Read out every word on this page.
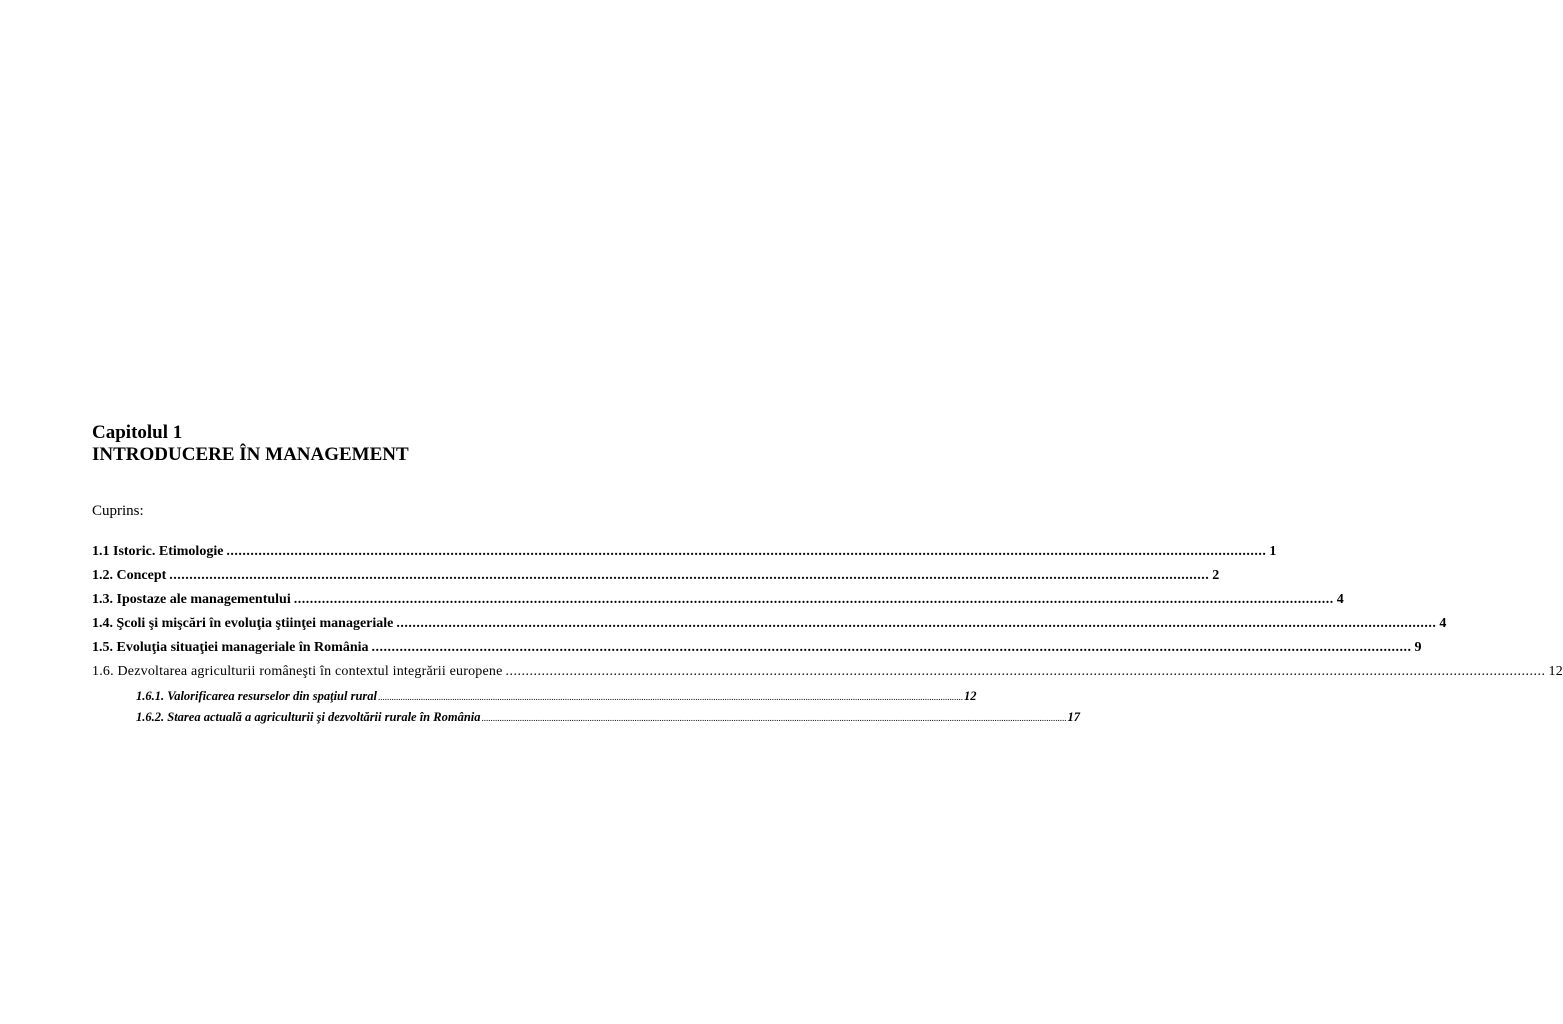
Capitolul 1
INTRODUCERE ÎN MANAGEMENT
Cuprins:
1.1 Istoric. Etimologie .................................................................................................................................................................................................................................................................... 1
1.2. Concept .................................................................................................................................................................................................................................................................... 2
1.3. Ipostaze ale managementului .................................................................................................................................................................................................................................................................... 4
1.4. Şcoli şi mişcări în evoluţia ştiinţei manageriale .................................................................................................................................................................................................................................................................... 4
1.5. Evoluţia situaţiei manageriale în România .................................................................................................................................................................................................................................................................... 9
1.6. Dezvoltarea agriculturii româneşti în contextul integrării europene .................................................................................................................................................................................................................................................................... 12
1.6.1. Valorificarea resurselor din spaţiul rural .................................................................................................................................................................................................................................................................... 12
1.6.2. Starea actuală a agriculturii şi dezvoltării rurale în România .................................................................................................................................................................................................................................................................... 17
